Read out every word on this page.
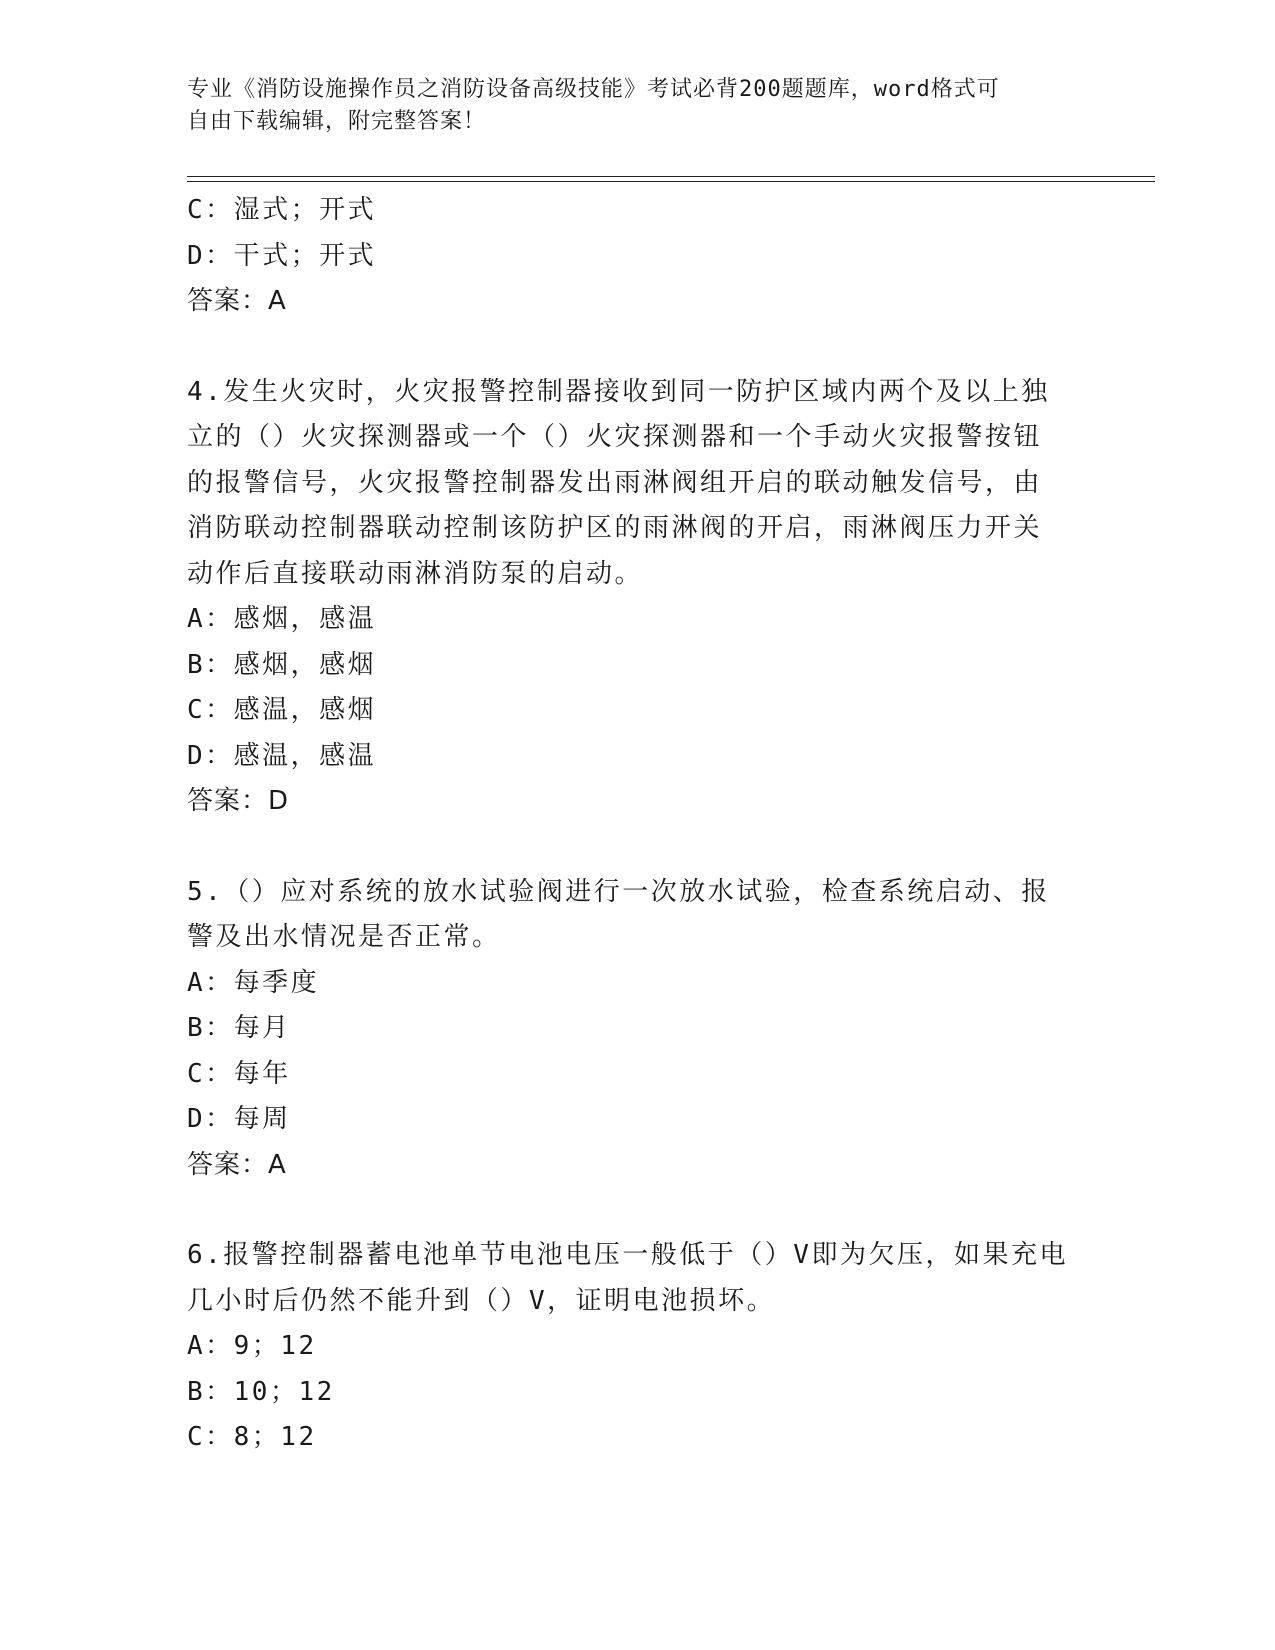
专业《消防设施操作员之消防设备高级技能》考试必背200题题库，word格式可
自由下载编辑，附完整答案！
C：湿式；开式
D：干式；开式
答案：A
4.发生火灾时，火灾报警控制器接收到同一防护区域内两个及以上独
立的（）火灾探测器或一个（）火灾探测器和一个手动火灾报警按钮
的报警信号，火灾报警控制器发出雨淋阀组开启的联动触发信号，由
消防联动控制器联动控制该防护区的雨淋阀的开启，雨淋阀压力开关
动作后直接联动雨淋消防泵的启动。
A：感烟，感温
B：感烟，感烟
C：感温，感烟
D：感温，感温
答案：D
5.（）应对系统的放水试验阀进行一次放水试验，检查系统启动、报
警及出水情况是否正常。
A：每季度
B：每月
C：每年
D：每周
答案：A
6.报警控制器蓄电池单节电池电压一般低于（）V即为欠压，如果充电
几小时后仍然不能升到（）V，证明电池损坏。
A：9；12
B：10；12
C：8；12
